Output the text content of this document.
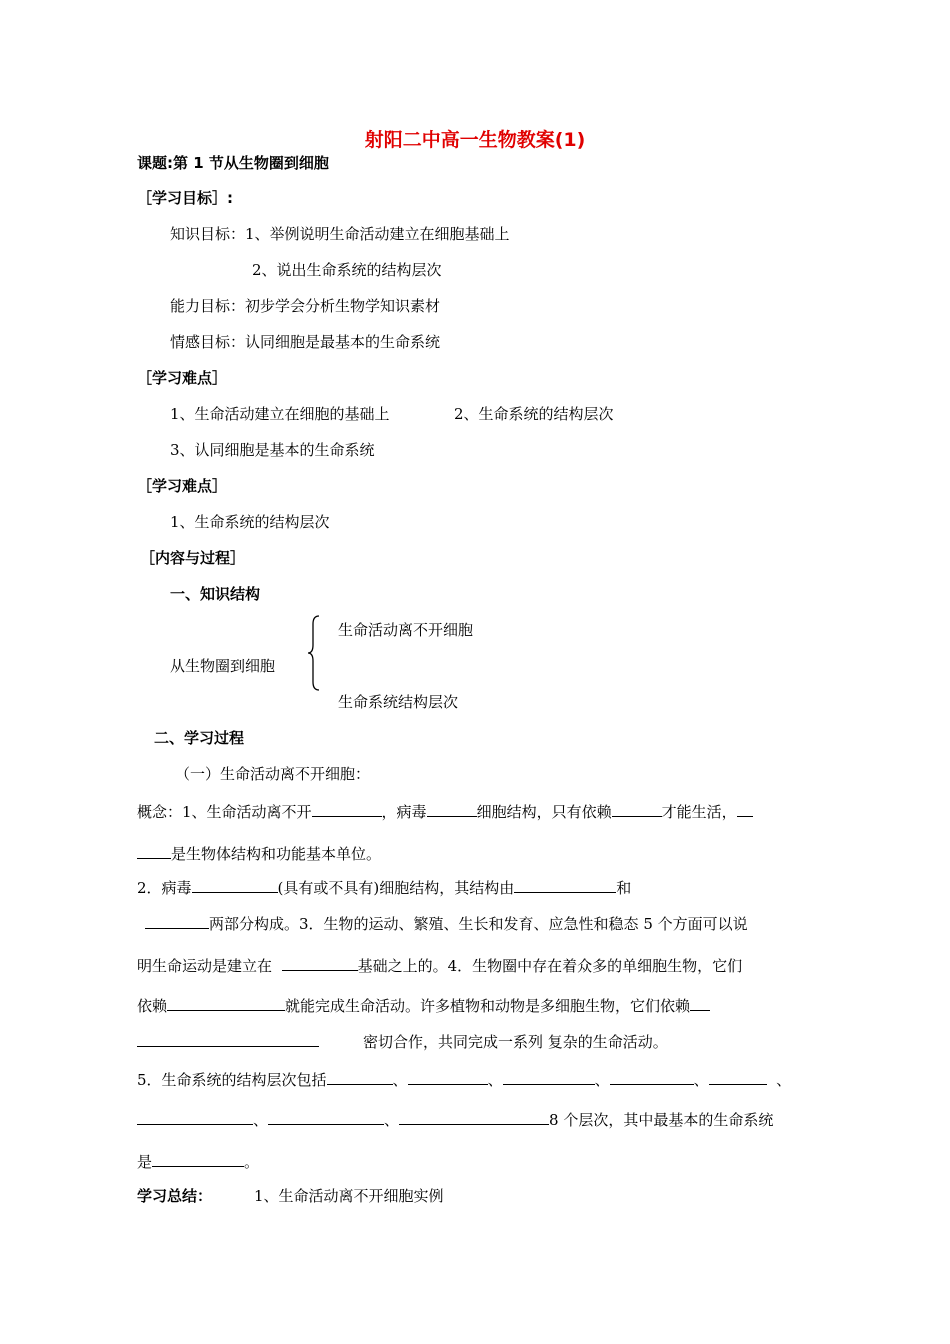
射阳二中高一生物教案(1)
课题:第 1 节从生物圈到细胞
［学习目标］:
知识目标：1、举例说明生命活动建立在细胞基础上
2、说出生命系统的结构层次
能力目标：初步学会分析生物学知识素材
情感目标：认同细胞是最基本的生命系统
［学习难点］
1、生命活动建立在细胞的基础上	2、生命系统的结构层次
3、认同细胞是基本的生命系统
［学习难点］
1、生命系统的结构层次
［内容与过程］
一、知识结构
生命活动离不开细胞
从生物圈到细胞
生命系统结构层次
二、学习过程
（一）生命活动离不开细胞：
概念：1、生命活动离不开	，病毒	细胞结构，只有依赖	才能生活，
是生物体结构和功能基本单位。
2．病毒	(具有或不具有)细胞结构，其结构由	和
两部分构成。3．生物的运动、繁殖、生长和发育、应急性和稳态 5 个方面可以说
明生命运动是建立在	基础之上的。4．生物圈中存在着众多的单细胞生物，它们
依赖	就能完成生命活动。许多植物和动物是多细胞生物，它们依赖
密切合作，共同完成一系列 复杂的生命活动。
5．生命系统的结构层次包括	、	、	、	、	、
、	、	8 个层次，其中最基本的生命系统
是	。
学习总结：	1、生命活动离不开细胞实例
